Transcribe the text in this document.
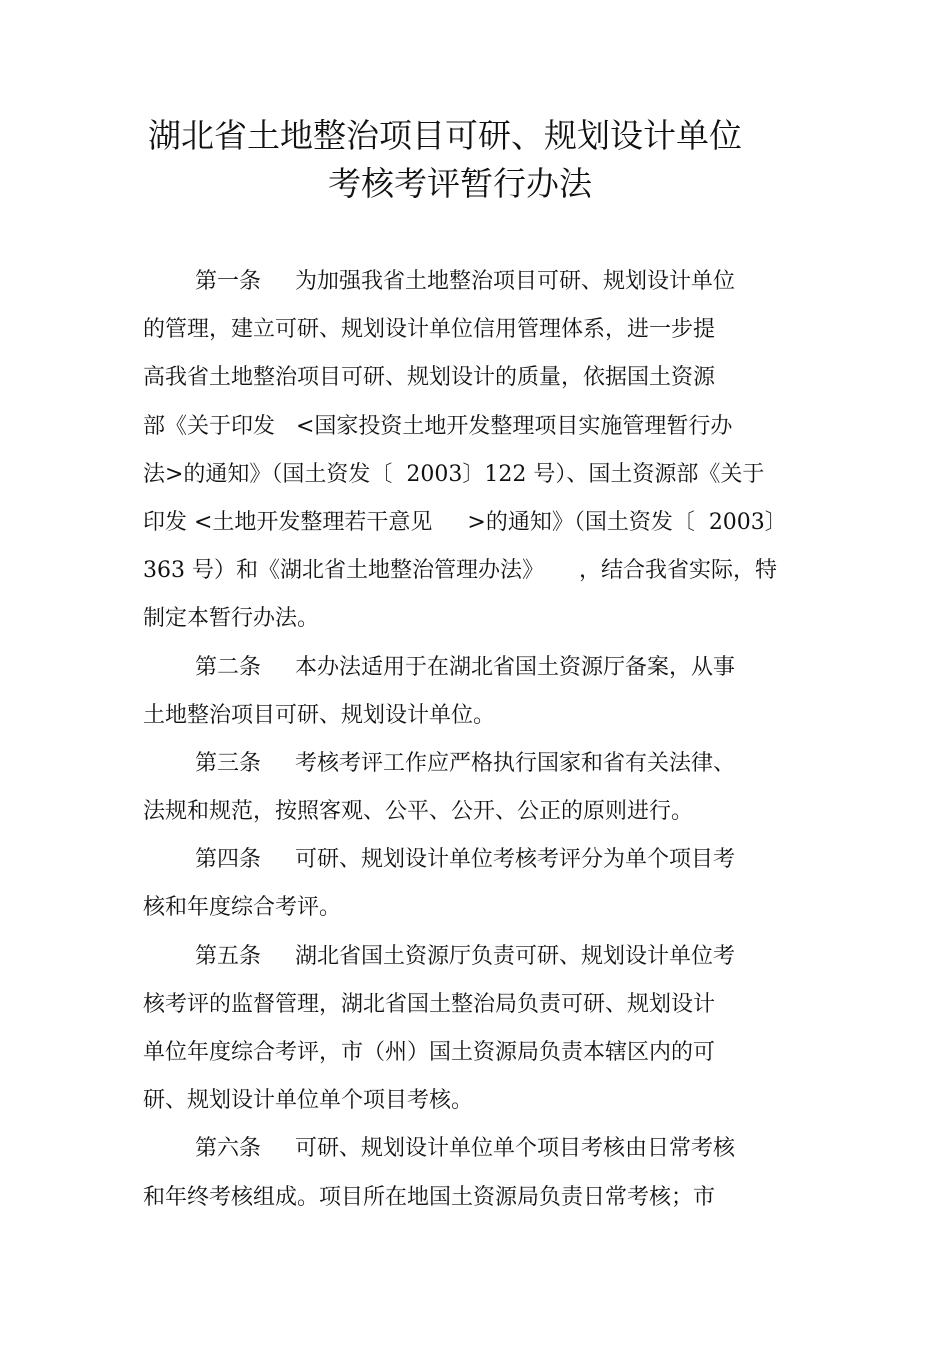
湖北省土地整治项目可研、规划设计单位
考核考评暂行办法
第一条 为加强我省土地整治项目可研、规划设计单位
的管理，建立可研、规划设计单位信用管理体系，进一步提
高我省土地整治项目可研、规划设计的质量，依据国土资源
部《关于印发   <国家投资土地开发整理项目实施管理暂行办
法>的通知》（国土资发〔  2003〕122 号）、国土资源部《关于
印发 <土地开发整理若干意见     >的通知》（国土资发〔  2003〕
363 号）和《湖北省土地整治管理办法》     ，结合我省实际，特
制定本暂行办法。
第二条 本办法适用于在湖北省国土资源厅备案，从事
土地整治项目可研、规划设计单位。
第三条 考核考评工作应严格执行国家和省有关法律、
法规和规范，按照客观、公平、公开、公正的原则进行。
第四条 可研、规划设计单位考核考评分为单个项目考
核和年度综合考评。
第五条 湖北省国土资源厅负责可研、规划设计单位考
核考评的监督管理，湖北省国土整治局负责可研、规划设计
单位年度综合考评，市（州）国土资源局负责本辖区内的可
研、规划设计单位单个项目考核。
第六条 可研、规划设计单位单个项目考核由日常考核
和年终考核组成。项目所在地国土资源局负责日常考核；市
